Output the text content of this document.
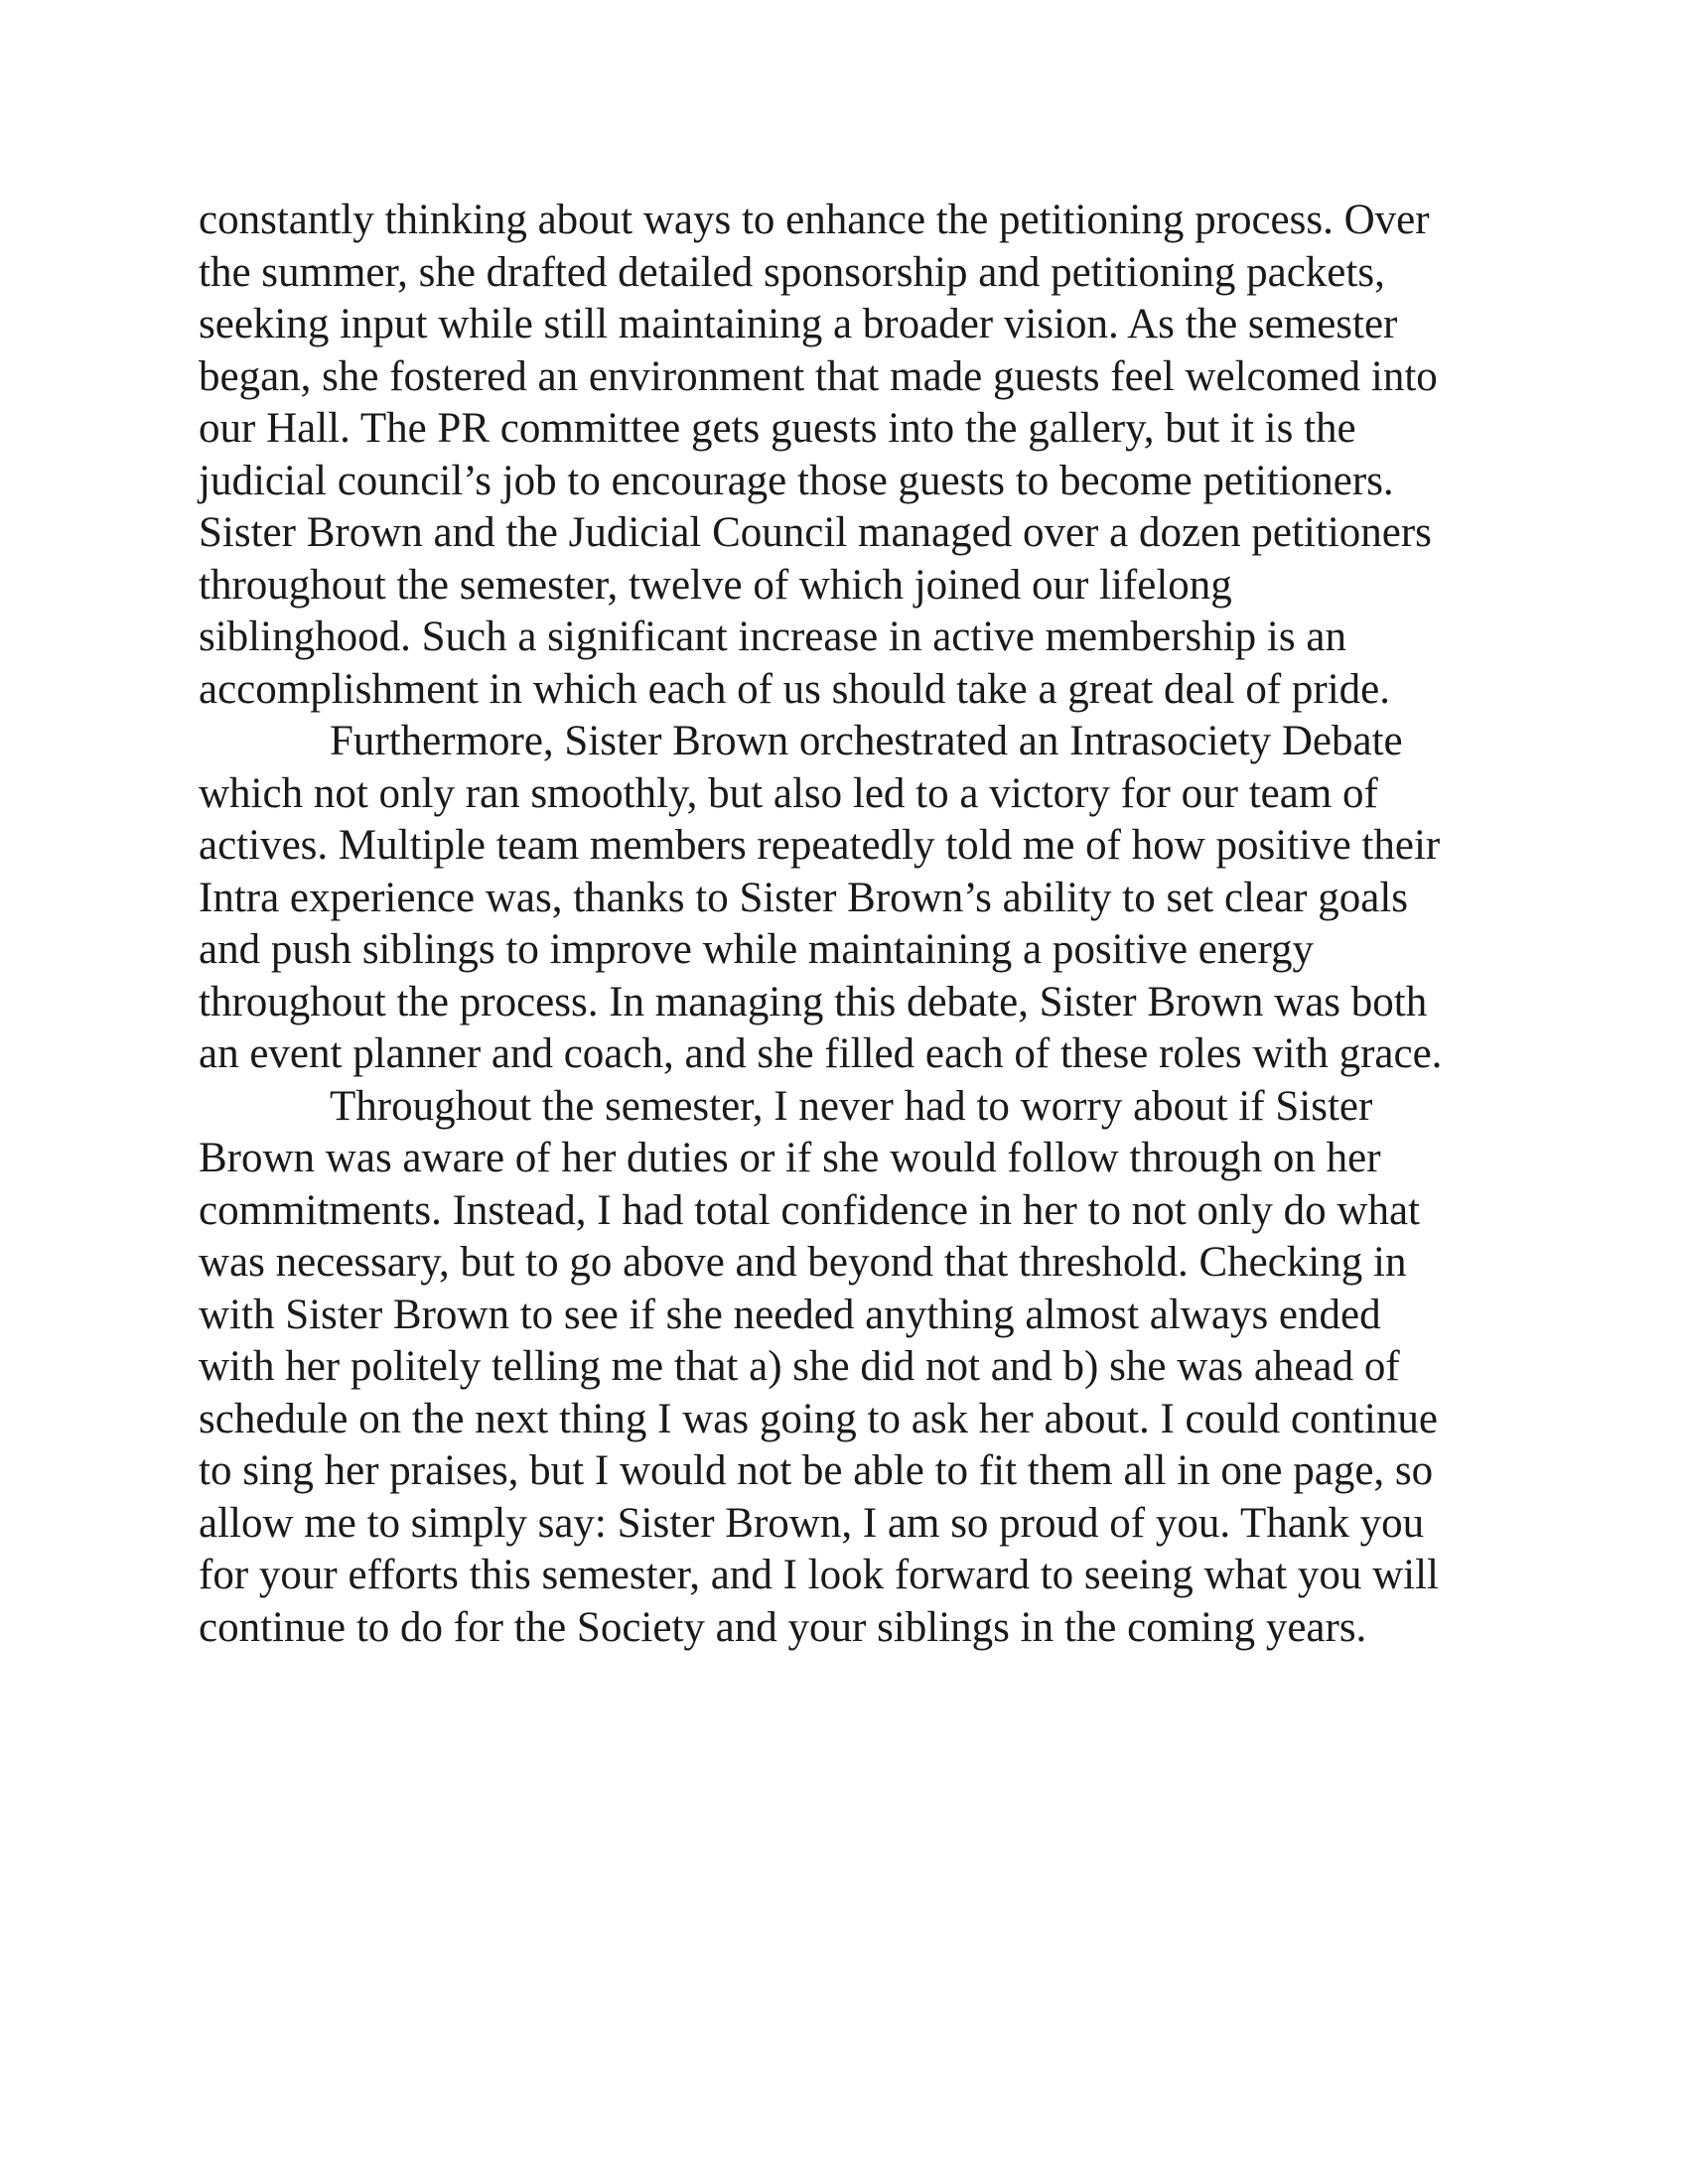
constantly thinking about ways to enhance the petitioning process. Over
the summer, she drafted detailed sponsorship and petitioning packets,
seeking input while still maintaining a broader vision. As the semester
began, she fostered an environment that made guests feel welcomed into
our Hall. The PR committee gets guests into the gallery, but it is the
judicial council’s job to encourage those guests to become petitioners.
Sister Brown and the Judicial Council managed over a dozen petitioners
throughout the semester, twelve of which joined our lifelong
siblinghood. Such a significant increase in active membership is an
accomplishment in which each of us should take a great deal of pride.
Furthermore, Sister Brown orchestrated an Intrasociety Debate
which not only ran smoothly, but also led to a victory for our team of
actives. Multiple team members repeatedly told me of how positive their
Intra experience was, thanks to Sister Brown’s ability to set clear goals
and push siblings to improve while maintaining a positive energy
throughout the process. In managing this debate, Sister Brown was both
an event planner and coach, and she filled each of these roles with grace.
Throughout the semester, I never had to worry about if Sister
Brown was aware of her duties or if she would follow through on her
commitments. Instead, I had total confidence in her to not only do what
was necessary, but to go above and beyond that threshold. Checking in
with Sister Brown to see if she needed anything almost always ended
with her politely telling me that a) she did not and b) she was ahead of
schedule on the next thing I was going to ask her about. I could continue
to sing her praises, but I would not be able to fit them all in one page, so
allow me to simply say: Sister Brown, I am so proud of you. Thank you
for your efforts this semester, and I look forward to seeing what you will
continue to do for the Society and your siblings in the coming years.
